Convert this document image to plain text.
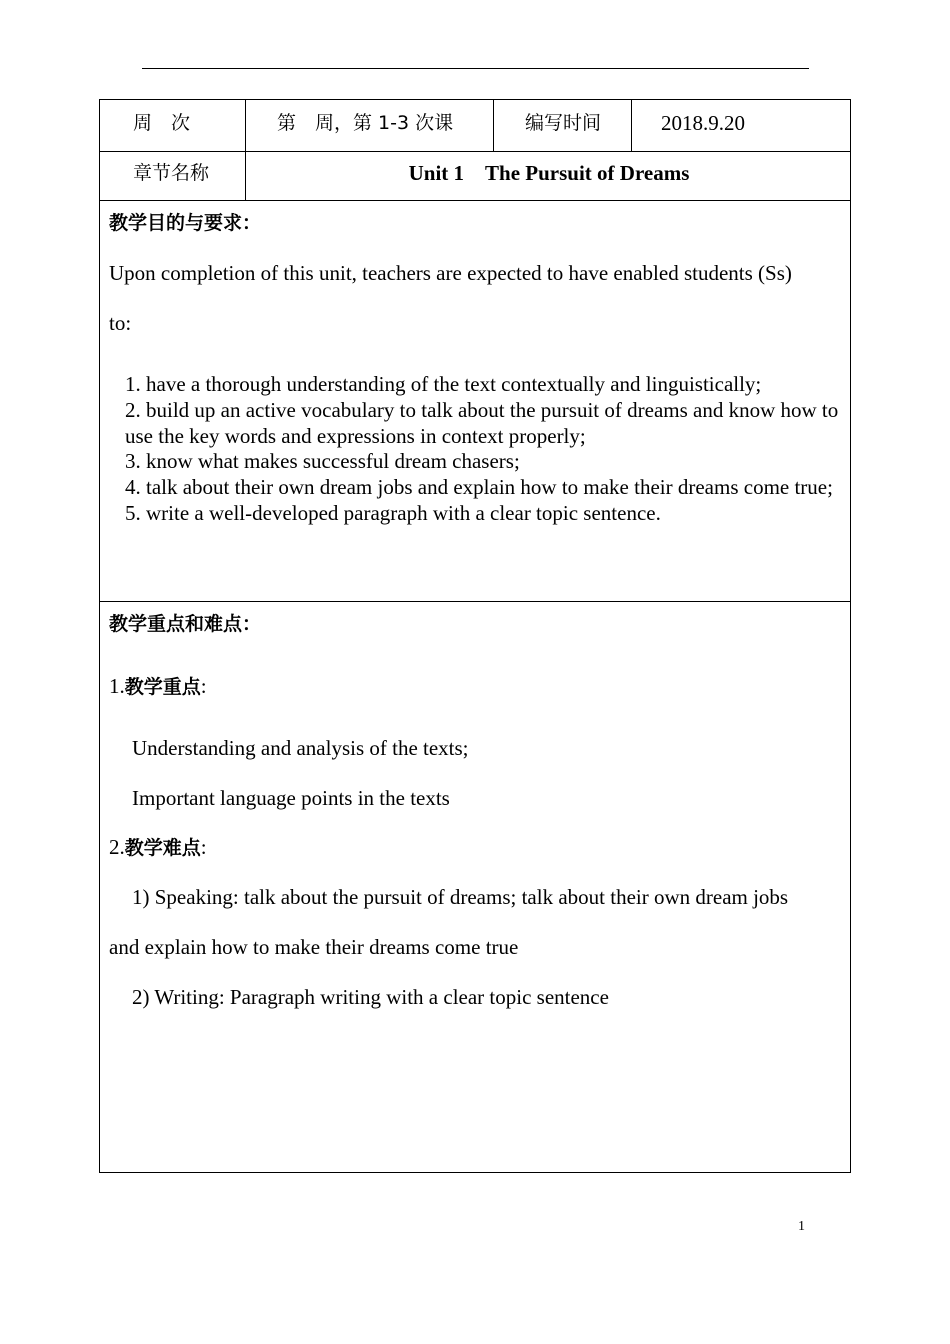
周　次	第　周，第 1-3 次课	编写时间	2018.9.20
章节名称	Unit 1　The Pursuit of Dreams
教学目的与要求：
Upon completion of this unit, teachers are expected to have enabled students (Ss)
to:
1. have a thorough understanding of the text contextually and linguistically;
2. build up an active vocabulary to talk about the pursuit of dreams and know how to use the key words and expressions in context properly;
3. know what makes successful dream chasers;
4. talk about their own dream jobs and explain how to make their dreams come true;
5. write a well-developed paragraph with a clear topic sentence.
教学重点和难点：
1.教学重点:
Understanding and analysis of the texts;
Important language points in the texts
2.教学难点:
1) Speaking: talk about the pursuit of dreams; talk about their own dream jobs
and explain how to make their dreams come true
2) Writing: Paragraph writing with a clear topic sentence
1
